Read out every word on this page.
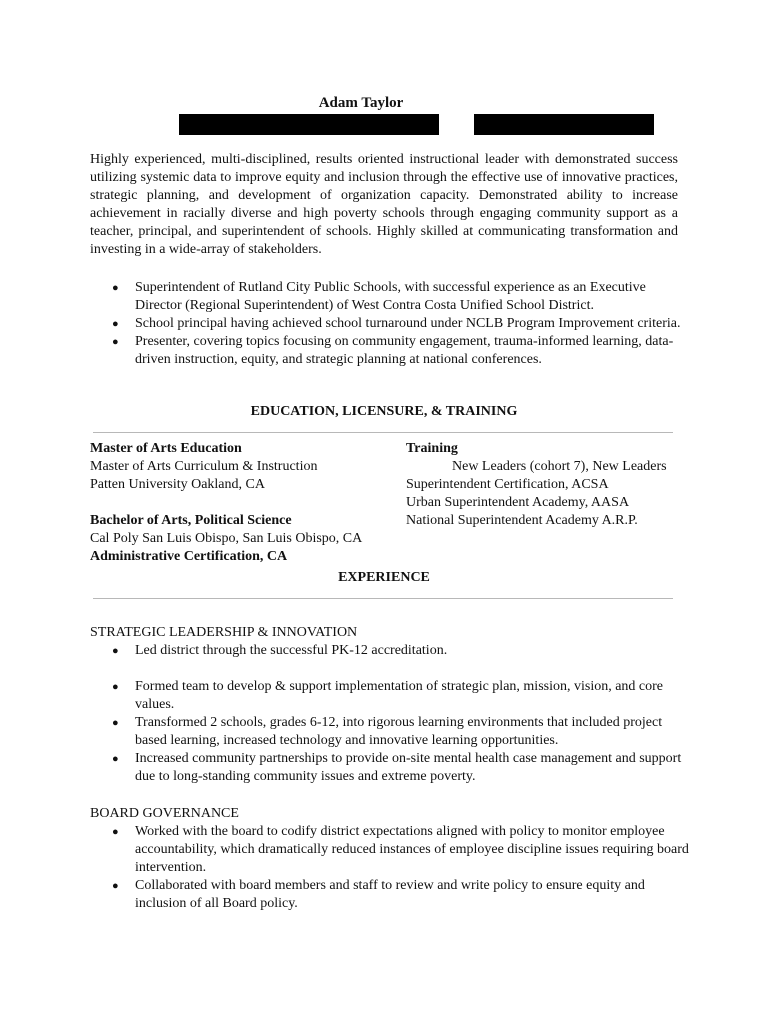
Adam Taylor

Highly experienced, multi-disciplined, results oriented instructional leader with demonstrated success utilizing systemic data to improve equity and inclusion through the effective use of innovative practices, strategic planning, and development of organization capacity. Demonstrated ability to increase achievement in racially diverse and high poverty schools through engaging community support as a teacher, principal, and superintendent of schools. Highly skilled at communicating transformation and investing in a wide-array of stakeholders.

● Superintendent of Rutland City Public Schools, with successful experience as an Executive Director (Regional Superintendent) of West Contra Costa Unified School District.
● School principal having achieved school turnaround under NCLB Program Improvement criteria.
● Presenter, covering topics focusing on community engagement, trauma-informed learning, data-driven instruction, equity, and strategic planning at national conferences.
EDUCATION, LICENSURE, & TRAINING
Master of Arts Education
Master of Arts Curriculum & Instruction
Patten University Oakland, CA
Bachelor of Arts, Political Science
Cal Poly San Luis Obispo, San Luis Obispo, CA
Administrative Certification, CA
Training
New Leaders (cohort 7), New Leaders
Superintendent Certification, ACSA
Urban Superintendent Academy, AASA
National Superintendent Academy A.R.P.
EXPERIENCE
STRATEGIC LEADERSHIP & INNOVATION
● Led district through the successful PK-12 accreditation.
● Formed team to develop & support implementation of strategic plan, mission, vision, and core values.
● Transformed 2 schools, grades 6-12, into rigorous learning environments that included project based learning, increased technology and innovative learning opportunities.
● Increased community partnerships to provide on-site mental health case management and support due to long-standing community issues and extreme poverty.
BOARD GOVERNANCE
● Worked with the board to codify district expectations aligned with policy to monitor employee accountability, which dramatically reduced instances of employee discipline issues requiring board intervention.
● Collaborated with board members and staff to review and write policy to ensure equity and inclusion of all Board policy.
